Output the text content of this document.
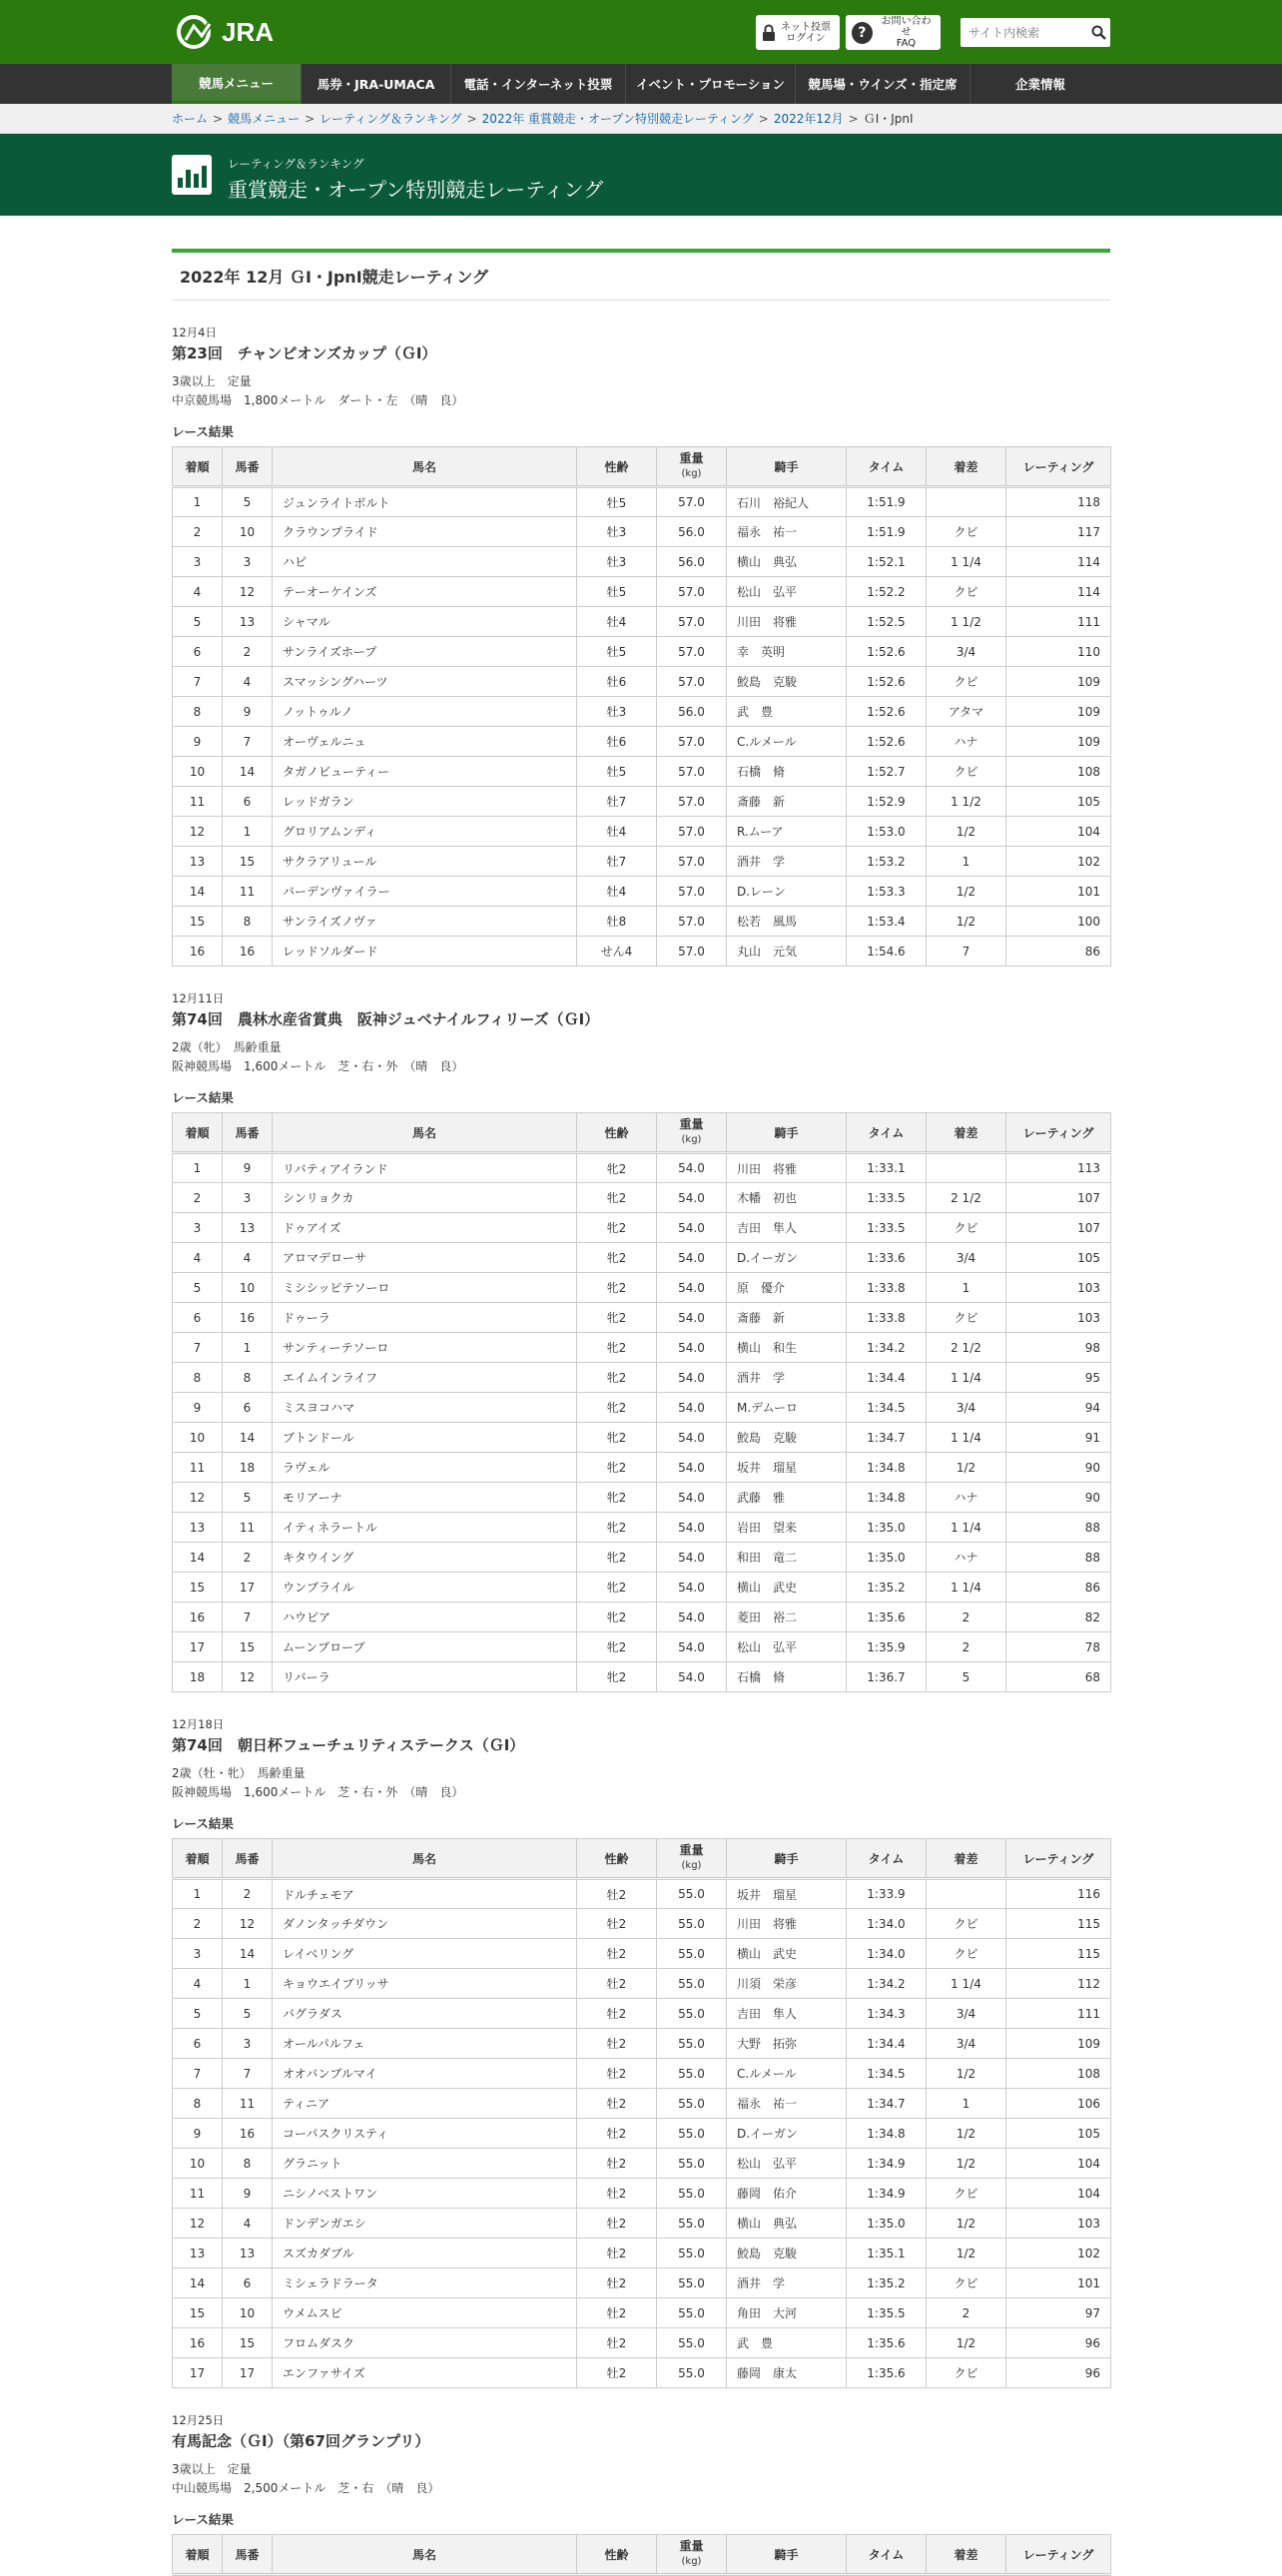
JRA	ネット投票
ログイン	?
お問い合わせ
FAQ
サイト内検索
競馬メニュー	馬券・JRA-UMACA	電話・インターネット投票	イベント・プロモーション	競馬場・ウインズ・指定席	企業情報
ホーム > 競馬メニュー > レーティング＆ランキング > 2022年 重賞競走・オープン特別競走レーティング > 2022年12月 > ＧⅠ・JpnⅠ
レーティング＆ランキング
重賞競走・オープン特別競走レーティング
2022年 12月 ＧⅠ・JpnⅠ競走レーティング
12月4日
第23回　チャンピオンズカップ（ＧⅠ）
3歳以上　定量
中京競馬場　1,800メートル　ダート・左　（晴　良）
レース結果
着順	馬番	馬名	性齢	重量
(kg)	騎手	タイム	着差	レーティング
1	5	ジュンライトボルト	牡5	57.0	石川　裕紀人	1:51.9		118
2	10	クラウンプライド	牡3	56.0	福永　祐一	1:51.9	クビ	117
3	3	ハピ	牡3	56.0	横山　典弘	1:52.1	1 1/4	114
4	12	テーオーケインズ	牡5	57.0	松山　弘平	1:52.2	クビ	114
5	13	シャマル	牡4	57.0	川田　将雅	1:52.5	1 1/2	111
6	2	サンライズホープ	牡5	57.0	幸　英明	1:52.6	3/4	110
7	4	スマッシングハーツ	牡6	57.0	鮫島　克駿	1:52.6	クビ	109
8	9	ノットゥルノ	牡3	56.0	武　豊	1:52.6	アタマ	109
9	7	オーヴェルニュ	牡6	57.0	C.ルメール	1:52.6	ハナ	109
10	14	タガノビューティー	牡5	57.0	石橋　脩	1:52.7	クビ	108
11	6	レッドガラン	牡7	57.0	斎藤　新	1:52.9	1 1/2	105
12	1	グロリアムンディ	牡4	57.0	R.ムーア	1:53.0	1/2	104
13	15	サクラアリュール	牡7	57.0	酒井　学	1:53.2	1	102
14	11	バーデンヴァイラー	牡4	57.0	D.レーン	1:53.3	1/2	101
15	8	サンライズノヴァ	牡8	57.0	松若　風馬	1:53.4	1/2	100
16	16	レッドソルダード	せん4	57.0	丸山　元気	1:54.6	7	86
12月11日
第74回　農林水産省賞典　阪神ジュベナイルフィリーズ（ＧⅠ）
2歳（牝）　馬齢重量
阪神競馬場　1,600メートル　芝・右・外　（晴　良）
レース結果
着順	馬番	馬名	性齢	重量
(kg)	騎手	タイム	着差	レーティング
1	9	リバティアイランド	牝2	54.0	川田　将雅	1:33.1		113
2	3	シンリョクカ	牝2	54.0	木幡　初也	1:33.5	2 1/2	107
3	13	ドゥアイズ	牝2	54.0	吉田　隼人	1:33.5	クビ	107
4	4	アロマデローサ	牝2	54.0	D.イーガン	1:33.6	3/4	105
5	10	ミシシッピテソーロ	牝2	54.0	原　優介	1:33.8	1	103
6	16	ドゥーラ	牝2	54.0	斎藤　新	1:33.8	クビ	103
7	1	サンティーテソーロ	牝2	54.0	横山　和生	1:34.2	2 1/2	98
8	8	エイムインライフ	牝2	54.0	酒井　学	1:34.4	1 1/4	95
9	6	ミスヨコハマ	牝2	54.0	M.デムーロ	1:34.5	3/4	94
10	14	ブトンドール	牝2	54.0	鮫島　克駿	1:34.7	1 1/4	91
11	18	ラヴェル	牝2	54.0	坂井　瑠星	1:34.8	1/2	90
12	5	モリアーナ	牝2	54.0	武藤　雅	1:34.8	ハナ	90
13	11	イティネラートル	牝2	54.0	岩田　望来	1:35.0	1 1/4	88
14	2	キタウイング	牝2	54.0	和田　竜二	1:35.0	ハナ	88
15	17	ウンブライル	牝2	54.0	横山　武史	1:35.2	1 1/4	86
16	7	ハウピア	牝2	54.0	菱田　裕二	1:35.6	2	82
17	15	ムーンプローブ	牝2	54.0	松山　弘平	1:35.9	2	78
18	12	リバーラ	牝2	54.0	石橋　脩	1:36.7	5	68
12月18日
第74回　朝日杯フューチュリティステークス（ＧⅠ）
2歳（牡・牝）　馬齢重量
阪神競馬場　1,600メートル　芝・右・外　（晴　良）
レース結果
着順	馬番	馬名	性齢	重量
(kg)	騎手	タイム	着差	レーティング
1	2	ドルチェモア	牡2	55.0	坂井　瑠星	1:33.9		116
2	12	ダノンタッチダウン	牡2	55.0	川田　将雅	1:34.0	クビ	115
3	14	レイベリング	牡2	55.0	横山　武史	1:34.0	クビ	115
4	1	キョウエイブリッサ	牡2	55.0	川須　栄彦	1:34.2	1 1/4	112
5	5	バグラダス	牡2	55.0	吉田　隼人	1:34.3	3/4	111
6	3	オールパルフェ	牡2	55.0	大野　拓弥	1:34.4	3/4	109
7	7	オオバンブルマイ	牡2	55.0	C.ルメール	1:34.5	1/2	108
8	11	ティニア	牡2	55.0	福永　祐一	1:34.7	1	106
9	16	コーパスクリスティ	牡2	55.0	D.イーガン	1:34.8	1/2	105
10	8	グラニット	牡2	55.0	松山　弘平	1:34.9	1/2	104
11	9	ニシノベストワン	牡2	55.0	藤岡　佑介	1:34.9	クビ	104
12	4	ドンデンガエシ	牡2	55.0	横山　典弘	1:35.0	1/2	103
13	13	スズカダブル	牡2	55.0	鮫島　克駿	1:35.1	1/2	102
14	6	ミシェラドラータ	牡2	55.0	酒井　学	1:35.2	クビ	101
15	10	ウメムスビ	牡2	55.0	角田　大河	1:35.5	2	97
16	15	フロムダスク	牡2	55.0	武　豊	1:35.6	1/2	96
17	17	エンファサイズ	牡2	55.0	藤岡　康太	1:35.6	クビ	96
12月25日
有馬記念（ＧⅠ）（第67回グランプリ）
3歳以上　定量
中山競馬場　2,500メートル　芝・右　（晴　良）
レース結果
着順	馬番	馬名	性齢	
重量
(kg)	騎手	タイム	着差	レーティング
